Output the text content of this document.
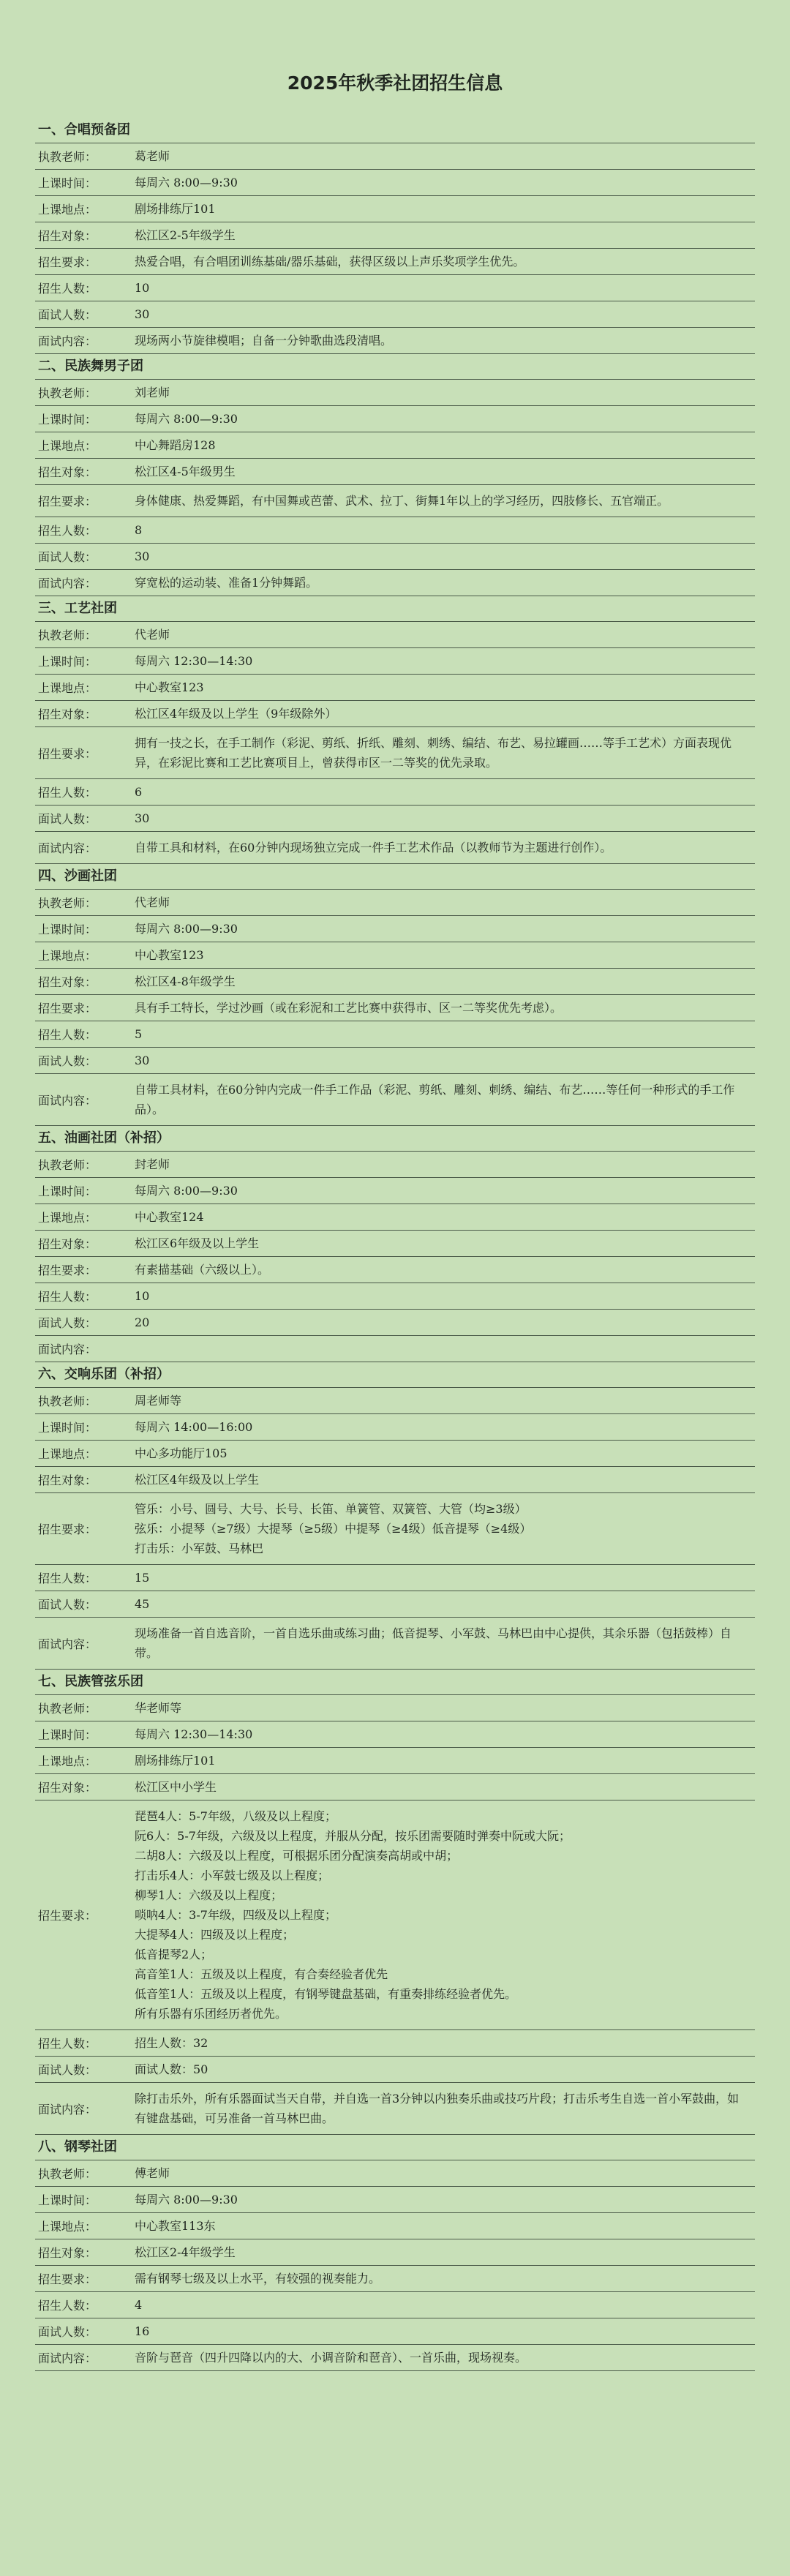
2025年秋季社团招生信息
一、合唱预备团
执教老师：	葛老师
上课时间：	每周六 8:00—9:30
上课地点：	剧场排练厅101
招生对象：	松江区2-5年级学生
招生要求：	热爱合唱，有合唱团训练基础/器乐基础，获得区级以上声乐奖项学生优先。
招生人数：	10
面试人数：	30
面试内容：	现场两小节旋律模唱；自备一分钟歌曲选段清唱。
二、民族舞男子团
执教老师：	刘老师
上课时间：	每周六 8:00—9:30
上课地点：	中心舞蹈房128
招生对象：	松江区4-5年级男生
招生要求：	身体健康、热爱舞蹈，有中国舞或芭蕾、武术、拉丁、街舞1年以上的学习经历，四肢修长、五官端正。
招生人数：	8
面试人数：	30
面试内容：	穿宽松的运动装、准备1分钟舞蹈。
三、工艺社团
执教老师：	代老师
上课时间：	每周六 12:30—14:30
上课地点：	中心教室123
招生对象：	松江区4年级及以上学生（9年级除外）
招生要求：
拥有一技之长，在手工制作（彩泥、剪纸、折纸、雕刻、刺绣、编结、布艺、易拉罐画……等手工艺术）方面表现优异，在彩泥比赛和工艺比赛项目上，曾获得市区一二等奖的优先录取。
招生人数：	6
面试人数：	30
面试内容：	自带工具和材料，在60分钟内现场独立完成一件手工艺术作品（以教师节为主题进行创作）。
四、沙画社团
执教老师：	代老师
上课时间：	每周六 8:00—9:30
上课地点：	中心教室123
招生对象：	松江区4-8年级学生
招生要求：	具有手工特长，学过沙画（或在彩泥和工艺比赛中获得市、区一二等奖优先考虑）。
招生人数：	5
面试人数：	30
面试内容：
自带工具材料，在60分钟内完成一件手工作品（彩泥、剪纸、雕刻、刺绣、编结、布艺……等任何一种形式的手工作品）。
五、油画社团（补招）
执教老师：	封老师
上课时间：	每周六 8:00—9:30
上课地点：	中心教室124
招生对象：	松江区6年级及以上学生
招生要求：	有素描基础（六级以上）。
招生人数：	10
面试人数：	20
面试内容：
六、交响乐团（补招）
执教老师：	周老师等
上课时间：	每周六 14:00—16:00
上课地点：	中心多功能厅105
招生对象：	松江区4年级及以上学生
招生要求：
管乐：小号、圆号、大号、长号、长笛、单簧管、双簧管、大管（均≥3级）
弦乐：小提琴（≥7级）大提琴（≥5级）中提琴（≥4级）低音提琴（≥4级）
打击乐：小军鼓、马林巴
招生人数：	15
面试人数：	45
面试内容：
现场准备一首自选音阶，一首自选乐曲或练习曲；低音提琴、小军鼓、马林巴由中心提供，其余乐器（包括鼓棒）自带。
七、民族管弦乐团
执教老师：	华老师等
上课时间：	每周六 12:30—14:30
上课地点：	剧场排练厅101
招生对象：	松江区中小学生
招生要求：
琵琶4人：5-7年级，八级及以上程度；
阮6人：5-7年级，六级及以上程度，并服从分配，按乐团需要随时弹奏中阮或大阮；
二胡8人：六级及以上程度，可根据乐团分配演奏高胡或中胡；
打击乐4人：小军鼓七级及以上程度；
柳琴1人：六级及以上程度；
唢呐4人：3-7年级，四级及以上程度；
大提琴4人：四级及以上程度；
低音提琴2人；
高音笙1人：五级及以上程度，有合奏经验者优先
低音笙1人：五级及以上程度，有钢琴键盘基础，有重奏排练经验者优先。
所有乐器有乐团经历者优先。
招生人数：	招生人数：32
面试人数：	面试人数：50
面试内容：
除打击乐外，所有乐器面试当天自带，并自选一首3分钟以内独奏乐曲或技巧片段；打击乐考生自选一首小军鼓曲，如有键盘基础，可另准备一首马林巴曲。
八、钢琴社团
执教老师：	傅老师
上课时间：	每周六 8:00—9:30
上课地点：	中心教室113东
招生对象：	松江区2-4年级学生
招生要求：	需有钢琴七级及以上水平，有较强的视奏能力。
招生人数：	4
面试人数：	16
面试内容：	音阶与琶音（四升四降以内的大、小调音阶和琶音）、一首乐曲，现场视奏。
